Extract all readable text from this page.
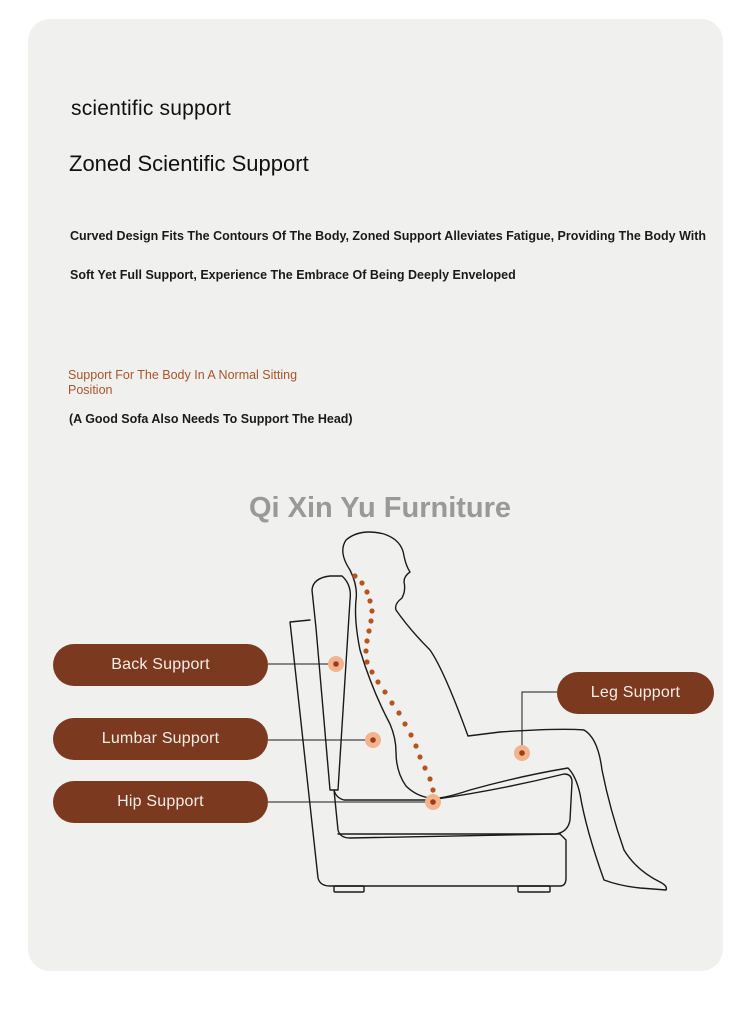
scientific support
Zoned Scientific Support
Curved Design Fits The Contours Of The Body, Zoned Support Alleviates Fatigue, Providing The Body With
Soft Yet Full Support, Experience The Embrace Of Being Deeply Enveloped
Support For The Body In A Normal Sitting Position
(A Good Sofa Also Needs To Support The Head)
Qi Xin Yu Furniture
Back Support
Lumbar Support
Hip Support
Leg Support
